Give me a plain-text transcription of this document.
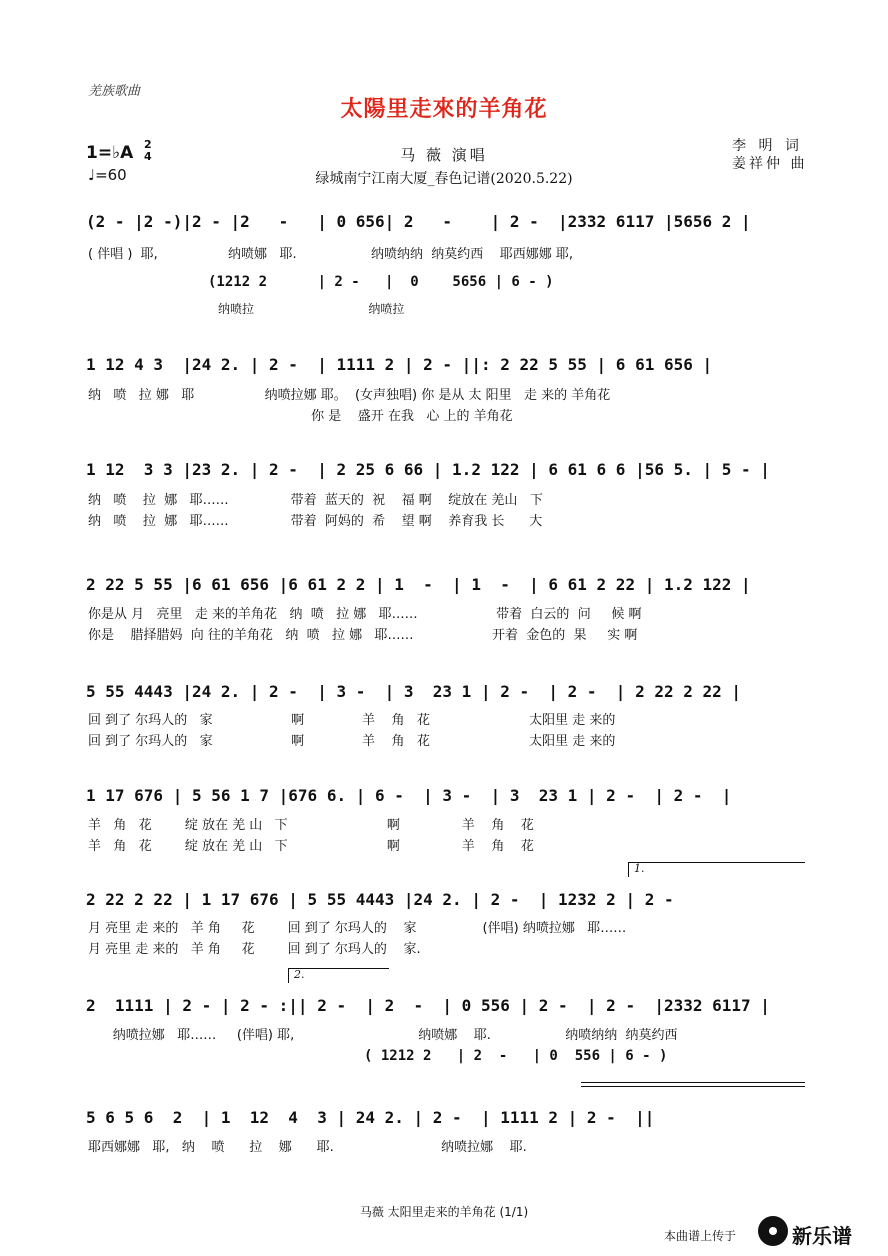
羌族歌曲
太陽里走來的羊角花
1=♭A 2
4
♩=60
马 薇 演唱
绿城南宁江南大厦_春色记谱(2020.5.22)
李 明 词
姜祥仲 曲
(2 - |2 -)|2 - |2   -   | 0 656| 2   -    | 2 -  |2332 6117 |5656 2 |
( 伴唱 )  耶,                 纳喷娜   耶.                  纳喷纳纳  纳莫约西    耶西娜娜 耶,
(1212 2      | 2 -   |  0    5656 | 6 - )
纳喷拉                              纳喷拉
1 12 4 3  |24 2. | 2 -  | 1111 2 | 2 - ||: 2 22 5 55 | 6 61 656 |
纳   喷   拉 娜   耶                 纳喷拉娜 耶。  (女声独唱) 你 是从 太 阳里   走 来的 羊角花
你 是    盛开 在我   心 上的 羊角花
1 12  3 3 |23 2. | 2 -  | 2 25 6 66 | 1.2 122 | 6 61 6 6 |56 5. | 5 - |
纳   喷    拉  娜   耶……               带着  蓝天的  祝    福 啊    绽放在 羌山   下
纳   喷    拉  娜   耶……               带着  阿妈的  希    望 啊    养育我 长      大
2 22 5 55 |6 61 656 |6 61 2 2 | 1  -  | 1  -  | 6 61 2 22 | 1.2 122 |
你是从 月   亮里   走 来的羊角花   纳  喷   拉 娜   耶……                   带着  白云的  问     候 啊
你是    腊择腊妈  向 往的羊角花   纳  喷   拉 娜   耶……                   开着  金色的  果     实 啊
5 55 4443 |24 2. | 2 -  | 3 -  | 3  23 1 | 2 -  | 2 -  | 2 22 2 22 |
回 到了 尔玛人的   家                   啊              羊    角   花                        太阳里 走 来的
回 到了 尔玛人的   家                   啊              羊    角   花                        太阳里 走 来的
1 17 676 | 5 56 1 7 |676 6. | 6 -  | 3 -  | 3  23 1 | 2 -  | 2 -  |
羊   角   花        绽 放在 羌 山   下                        啊               羊    角    花
羊   角   花        绽 放在 羌 山   下                        啊               羊    角    花
1.
2 22 2 22 | 1 17 676 | 5 55 4443 |24 2. | 2 -  | 1232 2 | 2 -
月 亮里 走 来的   羊 角     花        回 到了 尔玛人的    家                (伴唱) 纳喷拉娜   耶……
月 亮里 走 来的   羊 角     花        回 到了 尔玛人的    家.
2.
2  1111 | 2 - | 2 - :|| 2 -  | 2  -  | 0 556 | 2 -  | 2 -  |2332 6117 |
纳喷拉娜   耶……     (伴唱) 耶,                              纳喷娜    耶.                  纳喷纳纳  纳莫约西
( 1212 2   | 2  -   | 0  556 | 6 - )
5 6 5 6  2  | 1  12  4  3 | 24 2. | 2 -  | 1111 2 | 2 -  ||
耶西娜娜   耶,   纳    喷      拉    娜      耶.                          纳喷拉娜    耶.
马薇 太阳里走来的羊角花 (1/1)
本曲谱上传于	新乐谱
